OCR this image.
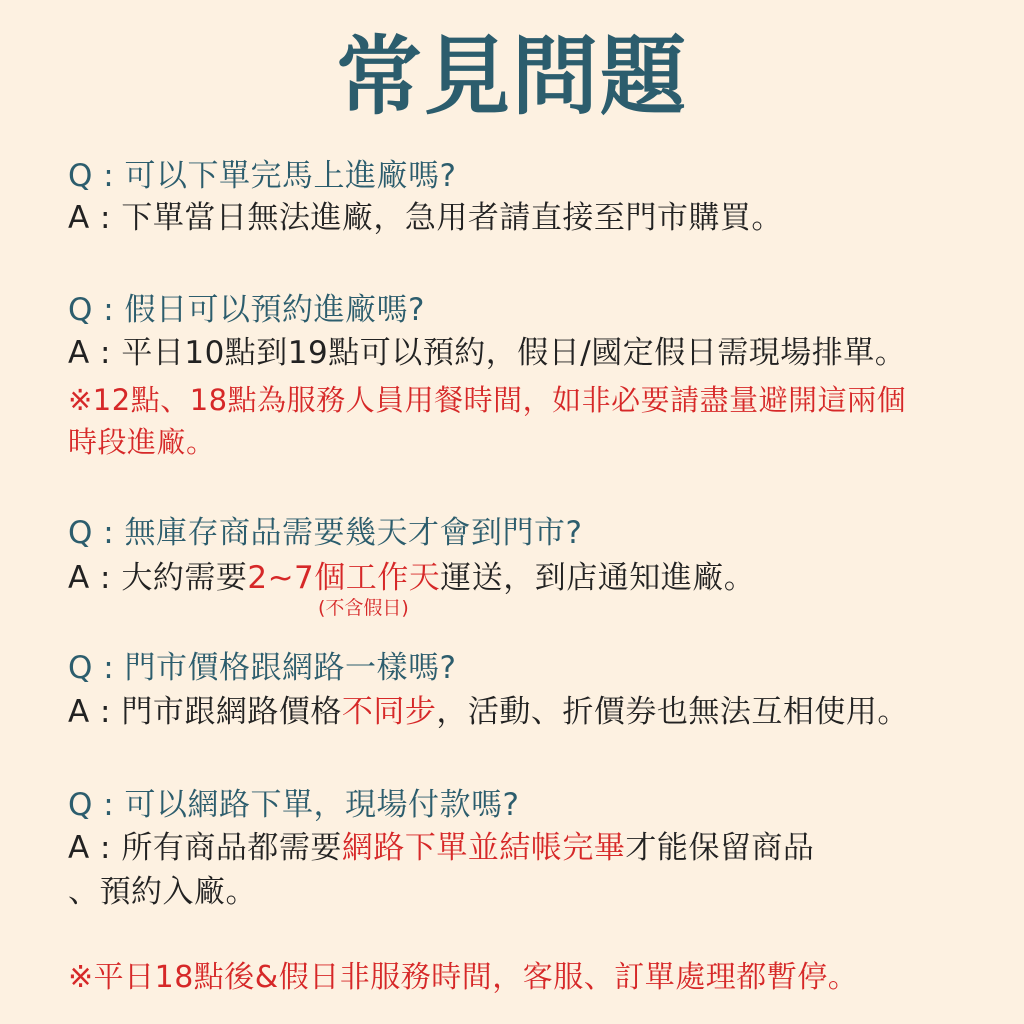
常見問題
Q : 可以下單完馬上進廠嗎?
A : 下單當日無法進廠，急用者請直接至門市購買。
Q : 假日可以預約進廠嗎?
A : 平日10點到19點可以預約，假日/國定假日需現場排單。
※12點、18點為服務人員用餐時間，如非必要請盡量避開這兩個
時段進廠。
Q : 無庫存商品需要幾天才會到門市?
A : 大約需要2~7個工作天運送，到店通知進廠。
(不含假日)
Q : 門市價格跟網路一樣嗎?
A : 門市跟網路價格不同步，活動、折價券也無法互相使用。
Q : 可以網路下單，現場付款嗎?
A : 所有商品都需要網路下單並結帳完畢才能保留商品
、預約入廠。
※平日18點後&假日非服務時間，客服、訂單處理都暫停。
